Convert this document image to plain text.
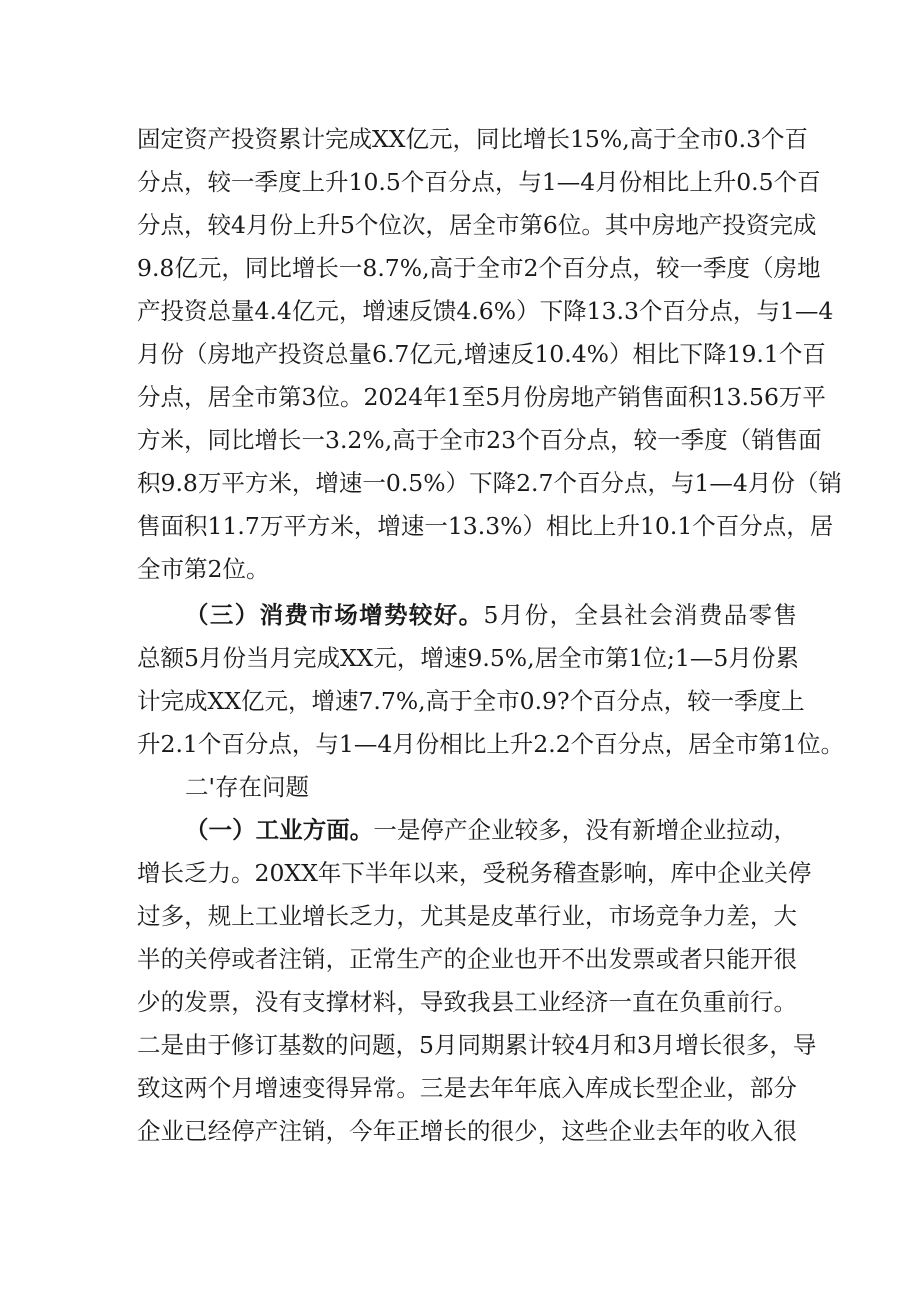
固定资产投资累计完成XX亿元，同比增长15%,高于全市0.3个百
分点，较一季度上升10.5个百分点，与1—4月份相比上升0.5个百
分点，较4月份上升5个位次，居全市第6位。其中房地产投资完成
9.8亿元，同比增长一8.7%,高于全市2个百分点，较一季度（房地
产投资总量4.4亿元，增速反馈4.6%）下降13.3个百分点，与1—4
月份（房地产投资总量6.7亿元,增速反10.4%）相比下降19.1个百
分点，居全市第3位。2024年1至5月份房地产销售面积13.56万平
方米，同比增长一3.2%,高于全市23个百分点，较一季度（销售面
积9.8万平方米，增速一0.5%）下降2.7个百分点，与1—4月份（销
售面积11.7万平方米，增速一13.3%）相比上升10.1个百分点，居
全市第2位。
（三）消费市场增势较好。5月份，全县社会消费品零售
总额5月份当月完成XX元，增速9.5%,居全市第1位;1—5月份累
计完成XX亿元，增速7.7%,高于全市0.9?个百分点，较一季度上
升2.1个百分点，与1—4月份相比上升2.2个百分点，居全市第1位。
二'存在问题
（一）工业方面。一是停产企业较多，没有新增企业拉动，
增长乏力。20XX年下半年以来，受税务稽查影响，库中企业关停
过多，规上工业增长乏力，尤其是皮革行业，市场竞争力差，大
半的关停或者注销，正常生产的企业也开不出发票或者只能开很
少的发票，没有支撑材料，导致我县工业经济一直在负重前行。
二是由于修订基数的问题，5月同期累计较4月和3月增长很多，导
致这两个月增速变得异常。三是去年年底入库成长型企业，部分
企业已经停产注销，今年正增长的很少，这些企业去年的收入很
